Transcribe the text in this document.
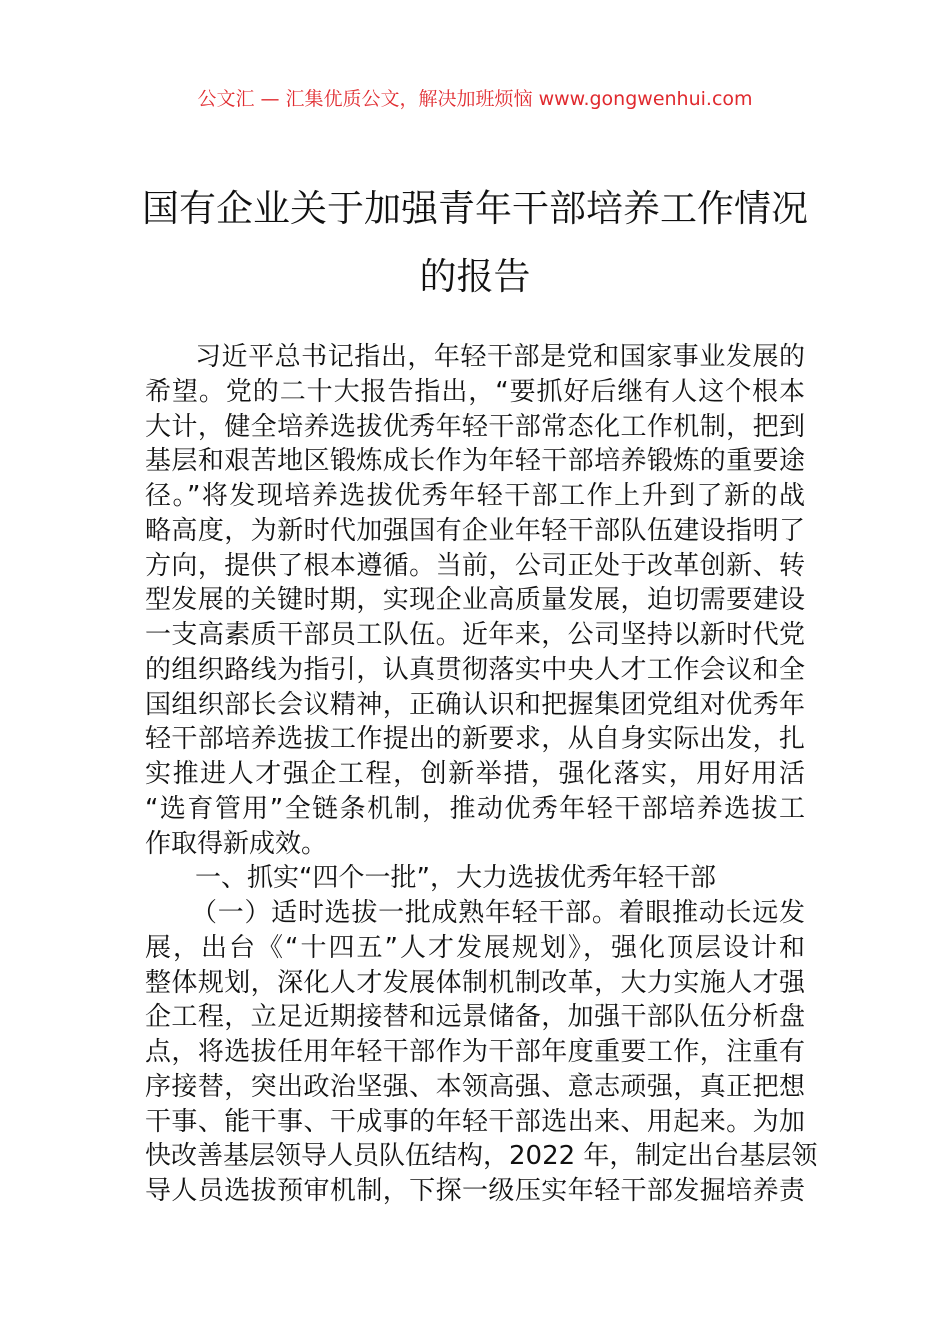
公文汇 — 汇集优质公文，解决加班烦恼 www.gongwenhui.com
国有企业关于加强青年干部培养工作情况
的报告
习近平总书记指出，年轻干部是党和国家事业发展的
希望。党的二十大报告指出，“要抓好后继有人这个根本
大计，健全培养选拔优秀年轻干部常态化工作机制，把到
基层和艰苦地区锻炼成长作为年轻干部培养锻炼的重要途
径。”将发现培养选拔优秀年轻干部工作上升到了新的战
略高度，为新时代加强国有企业年轻干部队伍建设指明了
方向，提供了根本遵循。当前，公司正处于改革创新、转
型发展的关键时期，实现企业高质量发展，迫切需要建设
一支高素质干部员工队伍。近年来，公司坚持以新时代党
的组织路线为指引，认真贯彻落实中央人才工作会议和全
国组织部长会议精神，正确认识和把握集团党组对优秀年
轻干部培养选拔工作提出的新要求，从自身实际出发，扎
实推进人才强企工程，创新举措，强化落实，用好用活
“选育管用”全链条机制，推动优秀年轻干部培养选拔工
作取得新成效。
一、抓实“四个一批”，大力选拔优秀年轻干部
（一）适时选拔一批成熟年轻干部。着眼推动长远发
展，出台《“十四五”人才发展规划》，强化顶层设计和
整体规划，深化人才发展体制机制改革，大力实施人才强
企工程，立足近期接替和远景储备，加强干部队伍分析盘
点，将选拔任用年轻干部作为干部年度重要工作，注重有
序接替，突出政治坚强、本领高强、意志顽强，真正把想
干事、能干事、干成事的年轻干部选出来、用起来。为加
快改善基层领导人员队伍结构，2022 年，制定出台基层领
导人员选拔预审机制，下探一级压实年轻干部发掘培养责
